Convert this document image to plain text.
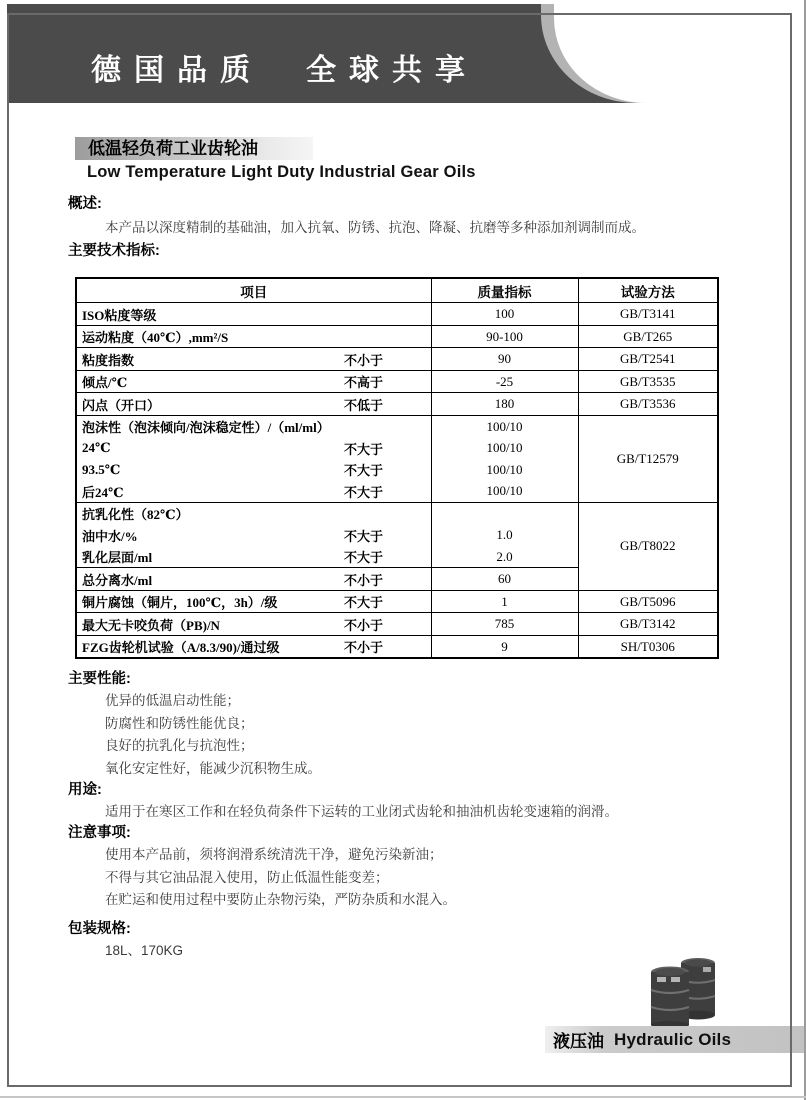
德国品质　全球共享
低温轻负荷工业齿轮油
Low Temperature Light Duty Industrial Gear Oils
概述:
本产品以深度精制的基础油，加入抗氧、防锈、抗泡、降凝、抗磨等多种添加剂调制而成。
主要技术指标:
项目	质量指标	试验方法

ISO粘度等级	100	GB/T3141

运动粘度（40℃）,mm²/S	90-100	GB/T265

粘度指数 不小于	90	GB/T2541

倾点/℃ 不高于	-25	GB/T3535

闪点（开口） 不低于	180	GB/T3536

泡沫性（泡沫倾向/泡沫稳定性）/（ml/ml）	100/10	GB/T12579

24℃ 不大于	100/10	

93.5℃ 不大于	100/10	

后24℃ 不大于	100/10	

抗乳化性（82℃）		GB/T8022

油中水/% 不大于	1.0	

乳化层面/ml 不大于	2.0	

总分离水/ml 不小于	60	

铜片腐蚀（铜片，100℃，3h）/级 不大于	1	GB/T5096

最大无卡咬负荷（PB)/N 不小于	785	GB/T3142

FZG齿轮机试验（A/8.3/90)/通过级 不小于	9	SH/T0306
主要性能:
优异的低温启动性能；
防腐性和防锈性能优良；
良好的抗乳化与抗泡性；
氧化安定性好，能减少沉积物生成。
用途:
适用于在寒区工作和在轻负荷条件下运转的工业闭式齿轮和抽油机齿轮变速箱的润滑。
注意事项:
使用本产品前，须将润滑系统清洗干净，避免污染新油；
不得与其它油品混入使用，防止低温性能变差；
在贮运和使用过程中要防止杂物污染，严防杂质和水混入。
包装规格:
18L、170KG
液压油 Hydraulic Oils
